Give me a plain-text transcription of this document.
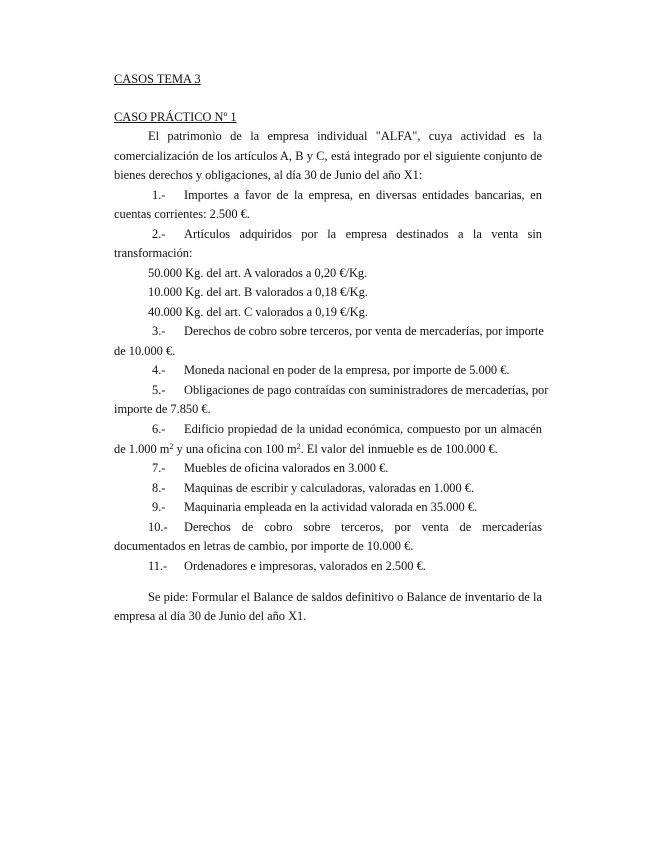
CASOS TEMA 3
CASO PRÁCTICO Nº 1
El patrimonio de la empresa individual "ALFA", cuya actividad es la
comercialización de los artículos A, B y C, está integrado por el siguiente conjunto de
bienes derechos y obligaciones, al día 30 de Junio del año X1:
1.- Importes a favor de la empresa, en diversas entidades bancarias, en
cuentas corrientes: 2.500 €.
2.- Artículos adquiridos por la empresa destinados a la venta sin
transformación:
50.000 Kg. del art. A valorados a 0,20 €/Kg.
10.000 Kg. del art. B valorados a 0,18 €/Kg.
40.000 Kg. del art. C valorados a 0,19 €/Kg.
3.- Derechos de cobro sobre terceros, por venta de mercaderías, por importe
de 10.000 €.
4.- Moneda nacional en poder de la empresa, por importe de 5.000 €.
5.- Obligaciones de pago contraídas con suministradores de mercaderías, por
importe de 7.850 €.
6.- Edificio propiedad de la unidad económica, compuesto por un almacén
de 1.000 $m^2$ y una oficina con 100 $m^2$. El valor del inmueble es de 100.000 €.
7.- Muebles de oficina valorados en 3.000 €.
8.- Maquinas de escribir y calculadoras, valoradas en 1.000 €.
9.- Maquinaria empleada en la actividad valorada en 35.000 €.
10.- Derechos de cobro sobre terceros, por venta de mercaderías
documentados en letras de cambio, por importe de 10.000 €.
11.- Ordenadores e impresoras, valorados en 2.500 €.
Se pide: Formular el Balance de saldos definitivo o Balance de inventario de la
empresa al día 30 de Junio del año X1.
